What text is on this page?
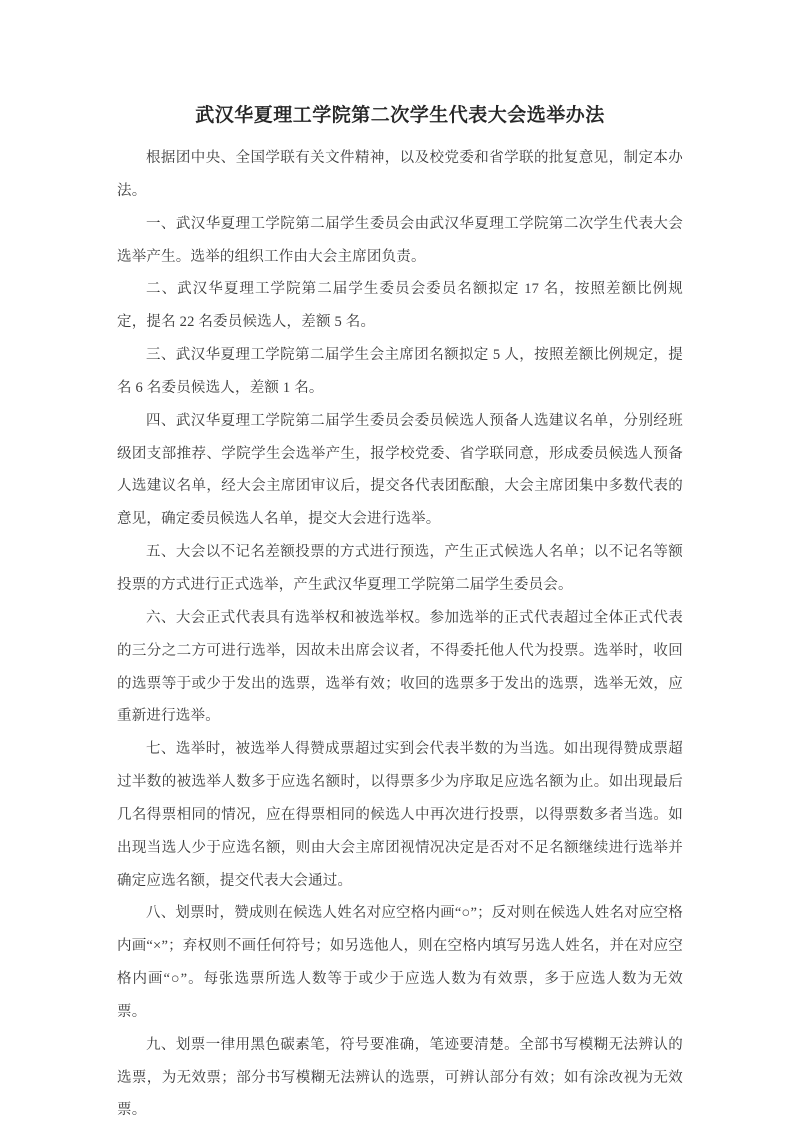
武汉华夏理工学院第二次学生代表大会选举办法

根据团中央、全国学联有关文件精神，以及校党委和省学联的批复意见，制定本办法。

一、武汉华夏理工学院第二届学生委员会由武汉华夏理工学院第二次学生代表大会选举产生。选举的组织工作由大会主席团负责。

二、武汉华夏理工学院第二届学生委员会委员名额拟定 17 名，按照差额比例规定，提名 22 名委员候选人，差额 5 名。

三、武汉华夏理工学院第二届学生会主席团名额拟定 5 人，按照差额比例规定，提名 6 名委员候选人，差额 1 名。

四、武汉华夏理工学院第二届学生委员会委员候选人预备人选建议名单，分别经班级团支部推荐、学院学生会选举产生，报学校党委、省学联同意，形成委员候选人预备人选建议名单，经大会主席团审议后，提交各代表团酝酿，大会主席团集中多数代表的意见，确定委员候选人名单，提交大会进行选举。

五、大会以不记名差额投票的方式进行预选，产生正式候选人名单；以不记名等额投票的方式进行正式选举，产生武汉华夏理工学院第二届学生委员会。

六、大会正式代表具有选举权和被选举权。参加选举的正式代表超过全体正式代表的三分之二方可进行选举，因故未出席会议者，不得委托他人代为投票。选举时，收回的选票等于或少于发出的选票，选举有效；收回的选票多于发出的选票，选举无效，应重新进行选举。

七、选举时，被选举人得赞成票超过实到会代表半数的为当选。如出现得赞成票超过半数的被选举人数多于应选名额时，以得票多少为序取足应选名额为止。如出现最后几名得票相同的情况，应在得票相同的候选人中再次进行投票，以得票数多者当选。如出现当选人少于应选名额，则由大会主席团视情况决定是否对不足名额继续进行选举并确定应选名额，提交代表大会通过。

八、划票时，赞成则在候选人姓名对应空格内画“○”；反对则在候选人姓名对应空格内画“×”；弃权则不画任何符号；如另选他人，则在空格内填写另选人姓名，并在对应空格内画“○”。每张选票所选人数等于或少于应选人数为有效票，多于应选人数为无效票。

九、划票一律用黑色碳素笔，符号要准确，笔迹要清楚。全部书写模糊无法辨认的选票，为无效票；部分书写模糊无法辨认的选票，可辨认部分有效；如有涂改视为无效票。
